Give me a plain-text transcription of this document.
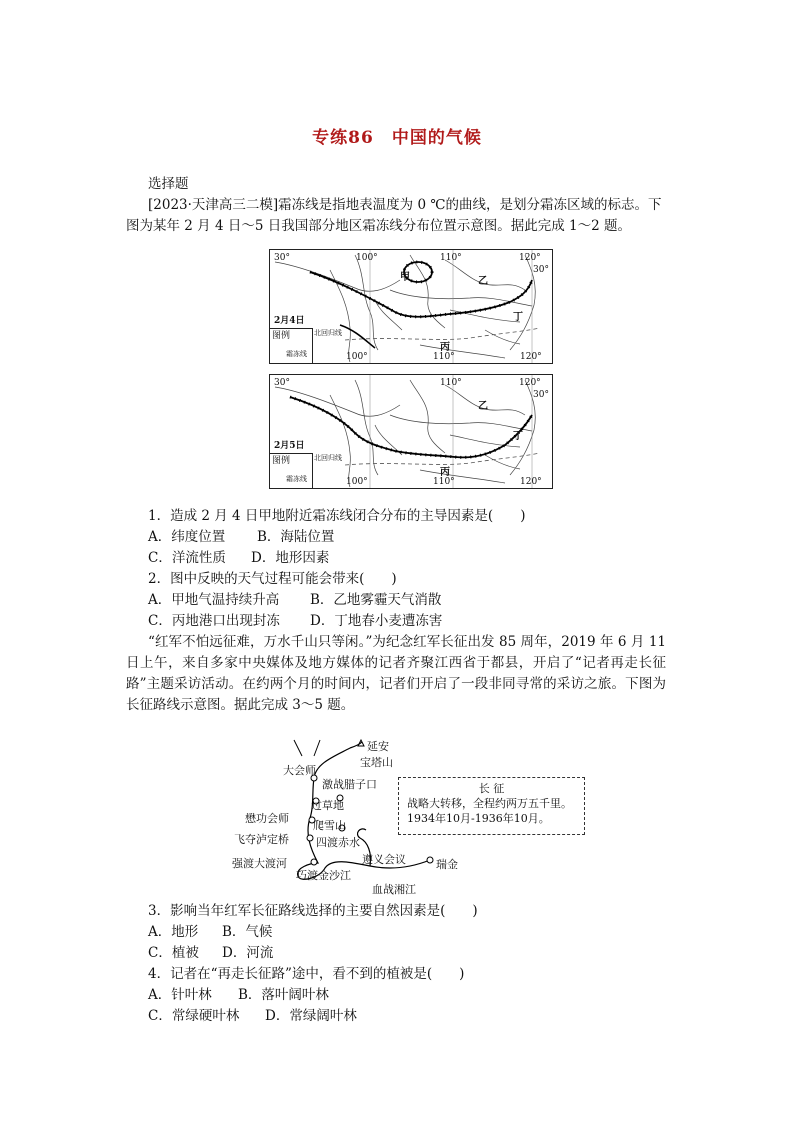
专练86　中国的气候
选择题
[2023·天津高三二模]霜冻线是指地表温度为 0 ℃的曲线，是划分霜冻区域的标志。下
图为某年 2 月 4 日～5 日我国部分地区霜冻线分布位置示意图。据此完成 1～2 题。
30°
30°
100°	110°	120°
100°	110°	120°
甲	乙
丙
丁
2月4日
北回归线
图例
霜冻线
30°
30°
110°	120°
100°	110°	120°
乙
丙
丁
2月5日
北回归线
图例
霜冻线
1．造成 2 月 4 日甲地附近霜冻线闭合分布的主导因素是(　　)
A．纬度位置 B．海陆位置
C．洋流性质 D．地形因素
2．图中反映的天气过程可能会带来(　　)
A．甲地气温持续升高 B．乙地雾霾天气消散
C．丙地港口出现封冻 D．丁地春小麦遭冻害
“红军不怕远征难，万水千山只等闲。”为纪念红军长征出发 85 周年，2019 年 6 月 11 日上午，来自多家中央媒体及地方媒体的记者齐聚江西省于都县，开启了“记者再走长征路”主题采访活动。在约两个月的时间内，记者们开启了一段非同寻常的采访之旅。下图为长征路线示意图。据此完成 3～5 题。
延安
宝塔山
大会师
激战腊子口
过草地
懋功会师
爬雪山
飞夺泸定桥 四渡赤水
强渡大渡河	遵义会议	瑞金
巧渡金沙江
血战湘江
长 征
战略大转移，全程约两万五千里。
1934年10月-1936年10月。
3．影响当年红军长征路线选择的主要自然因素是(　　)
A．地形 B．气候
C．植被 D．河流
4．记者在“再走长征路”途中，看不到的植被是(　　)
A．针叶林 B．落叶阔叶林
C．常绿硬叶林 D．常绿阔叶林
